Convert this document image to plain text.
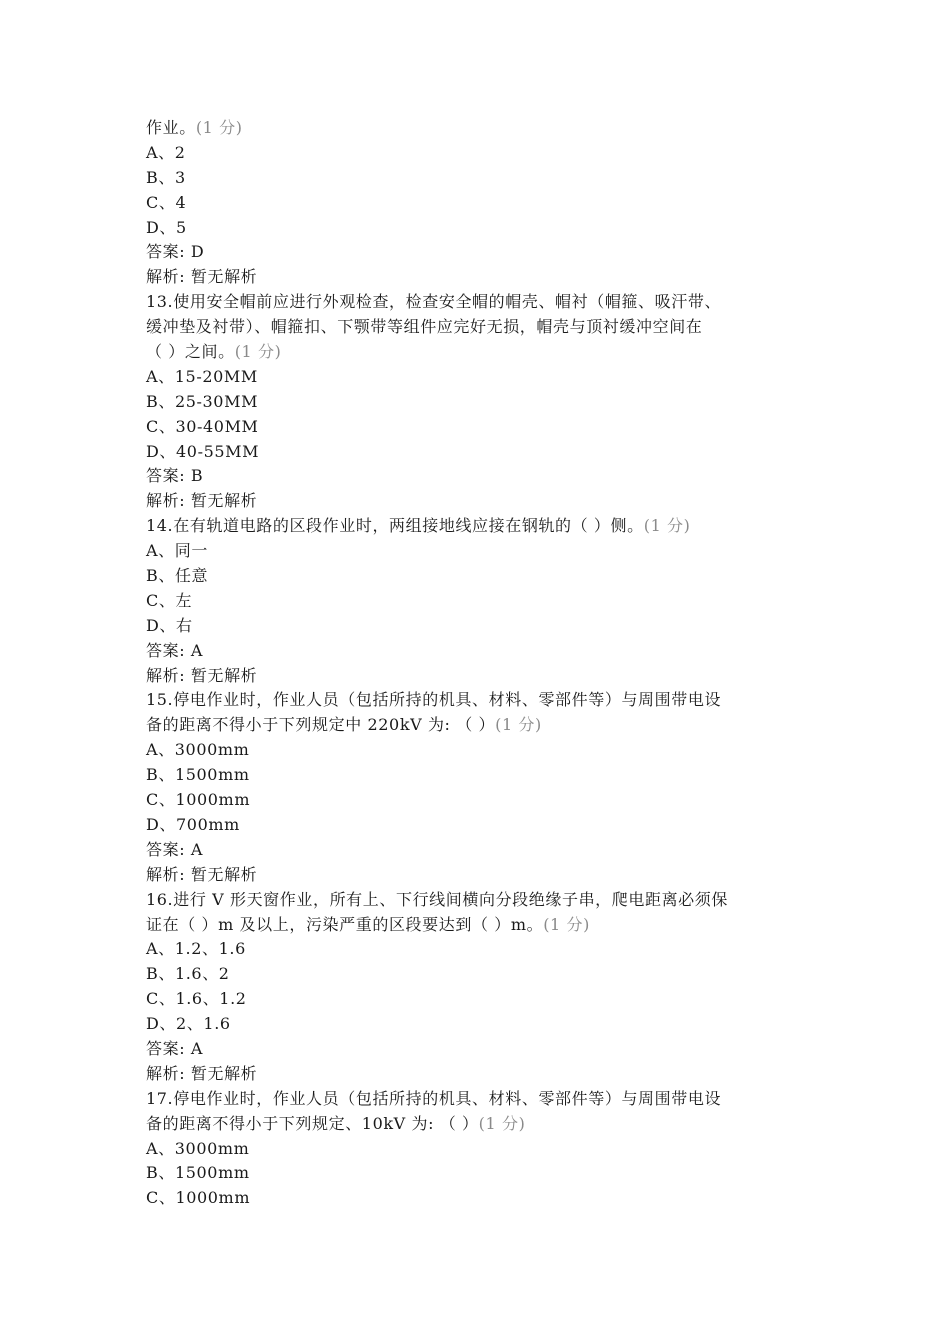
作业。(1 分)
A、2
B、3
C、4
D、5
答案: D
解析: 暂无解析
13.使用安全帽前应进行外观检查，检查安全帽的帽壳、帽衬（帽箍、吸汗带、
缓冲垫及衬带）、帽箍扣、下颚带等组件应完好无损，帽壳与顶衬缓冲空间在
（ ）之间。(1 分)
A、15-20MM
B、25-30MM
C、30-40MM
D、40-55MM
答案: B
解析: 暂无解析
14.在有轨道电路的区段作业时，两组接地线应接在钢轨的（ ）侧。(1 分)
A、同一
B、任意
C、左
D、右
答案: A
解析: 暂无解析
15.停电作业时，作业人员（包括所持的机具、材料、零部件等）与周围带电设
备的距离不得小于下列规定中 220kV 为: （ ）(1 分)
A、3000mm
B、1500mm
C、1000mm
D、700mm
答案: A
解析: 暂无解析
16.进行 V 形天窗作业，所有上、下行线间横向分段绝缘子串，爬电距离必须保
证在（ ）m 及以上，污染严重的区段要达到（ ）m。(1 分)
A、1.2、1.6
B、1.6、2
C、1.6、1.2
D、2、1.6
答案: A
解析: 暂无解析
17.停电作业时，作业人员（包括所持的机具、材料、零部件等）与周围带电设
备的距离不得小于下列规定、10kV 为: （ ）(1 分)
A、3000mm
B、1500mm
C、1000mm
